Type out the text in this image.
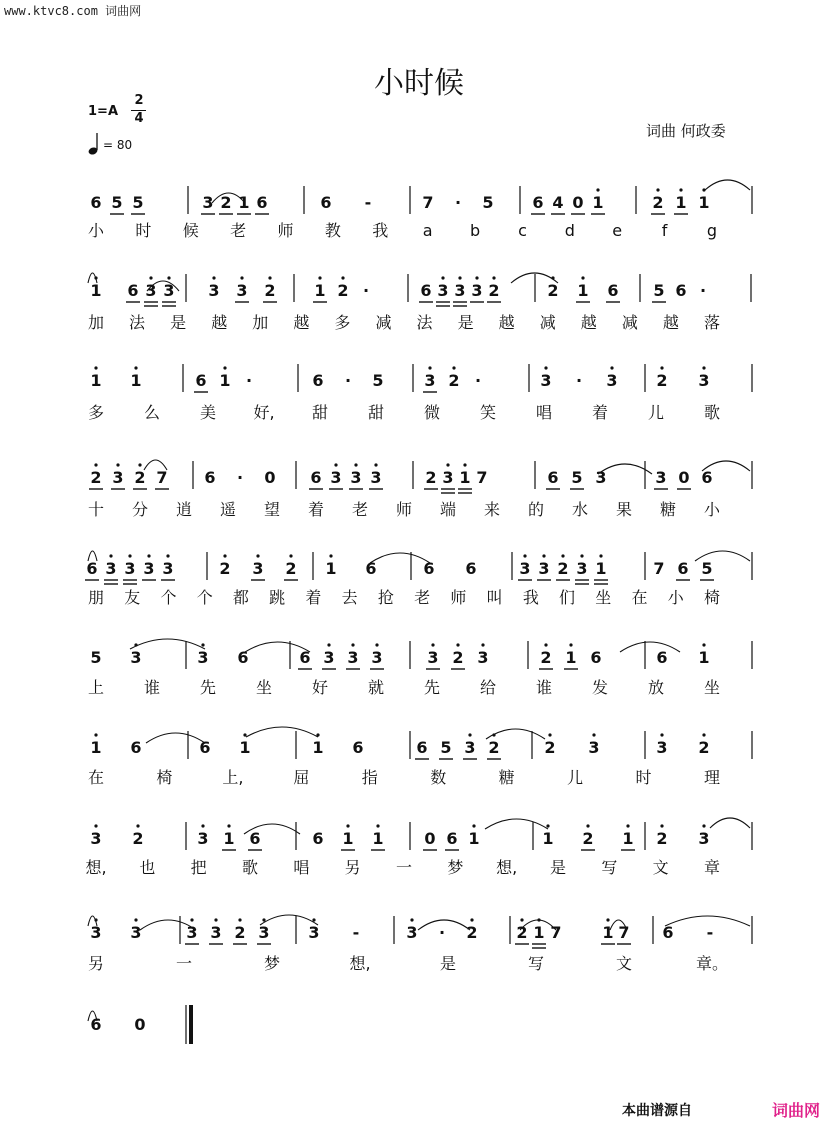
www.ktvc8.com 词曲网
小时候
1=A
2
4
= 80
词曲 何政委
6 5 5	3 2 1 6	6 -	7 · 5 6 4 0 1	2 1 1
小 时 候 老 师 教 我 a b c d e f g
1 6 3 3 3 3 2 1 2 ·	6 3 3 3 2	2 1 6 5 6 ·
加 法 是 越 加 越 多 减 法 是 越 减 越 减 越 落
1 1	6 1 ·	6 · 5	3 2 ·	3 · 3 2 3
多 么 美 好, 甜 甜 微 笑 唱 着 儿 歌
2 3 2 7 6 · 0 6 3 3 3	2 3 1 7	6 5 3	3 0 6
十 分 逍 遥 望 着 老 师 端 来 的 水 果 糖 小
6 3 3 3 3	2 3 2 1 6	6 6	3 3 2 3 1	7 6 5
朋 友 个 个 都 跳 着 去 抢 老 师 叫 我 们 坐 在 小 椅
5 3	3 6	6 3 3 3	3 2 3	2 1 6	6 1
上 谁 先 坐 好 就 先 给 谁 发 放 坐
1 6	6 1	1 6	6 5 3 2	2 3	3 2
在	椅	上,	屈	指	数	糖	儿	时	理
3 2	3 1 6	6 1 1	0 6 1	1 2 1 2 3
想, 也 把 歌 唱 另 一 梦 想, 是 写 文 章
3 3	3 3 2 3 3 -	3 · 2 2 1 7	1 7 6 -
另	一	梦	想,	是	写	文	章。
6 0
本曲谱源自	词曲网
